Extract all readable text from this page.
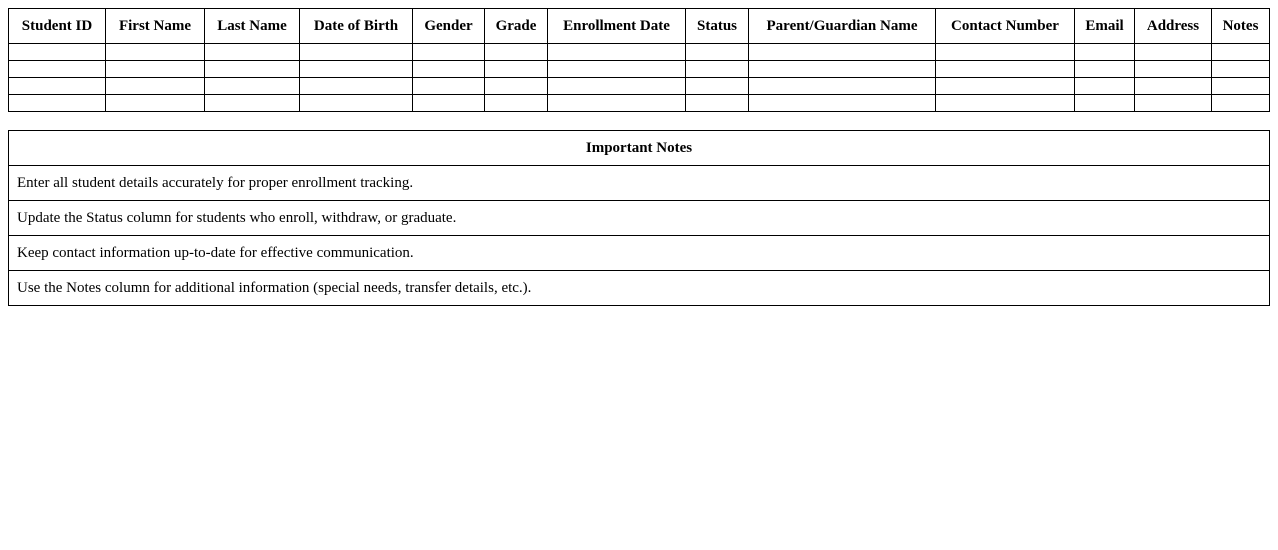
Student ID	First Name	Last Name	Date of Birth	Gender	Grade	Enrollment Date	Status	Parent/Guardian Name	Contact Number	Email	Address	Notes

Important Notes
Enter all student details accurately for proper enrollment tracking.
Update the Status column for students who enroll, withdraw, or graduate.
Keep contact information up-to-date for effective communication.
Use the Notes column for additional information (special needs, transfer details, etc.).
